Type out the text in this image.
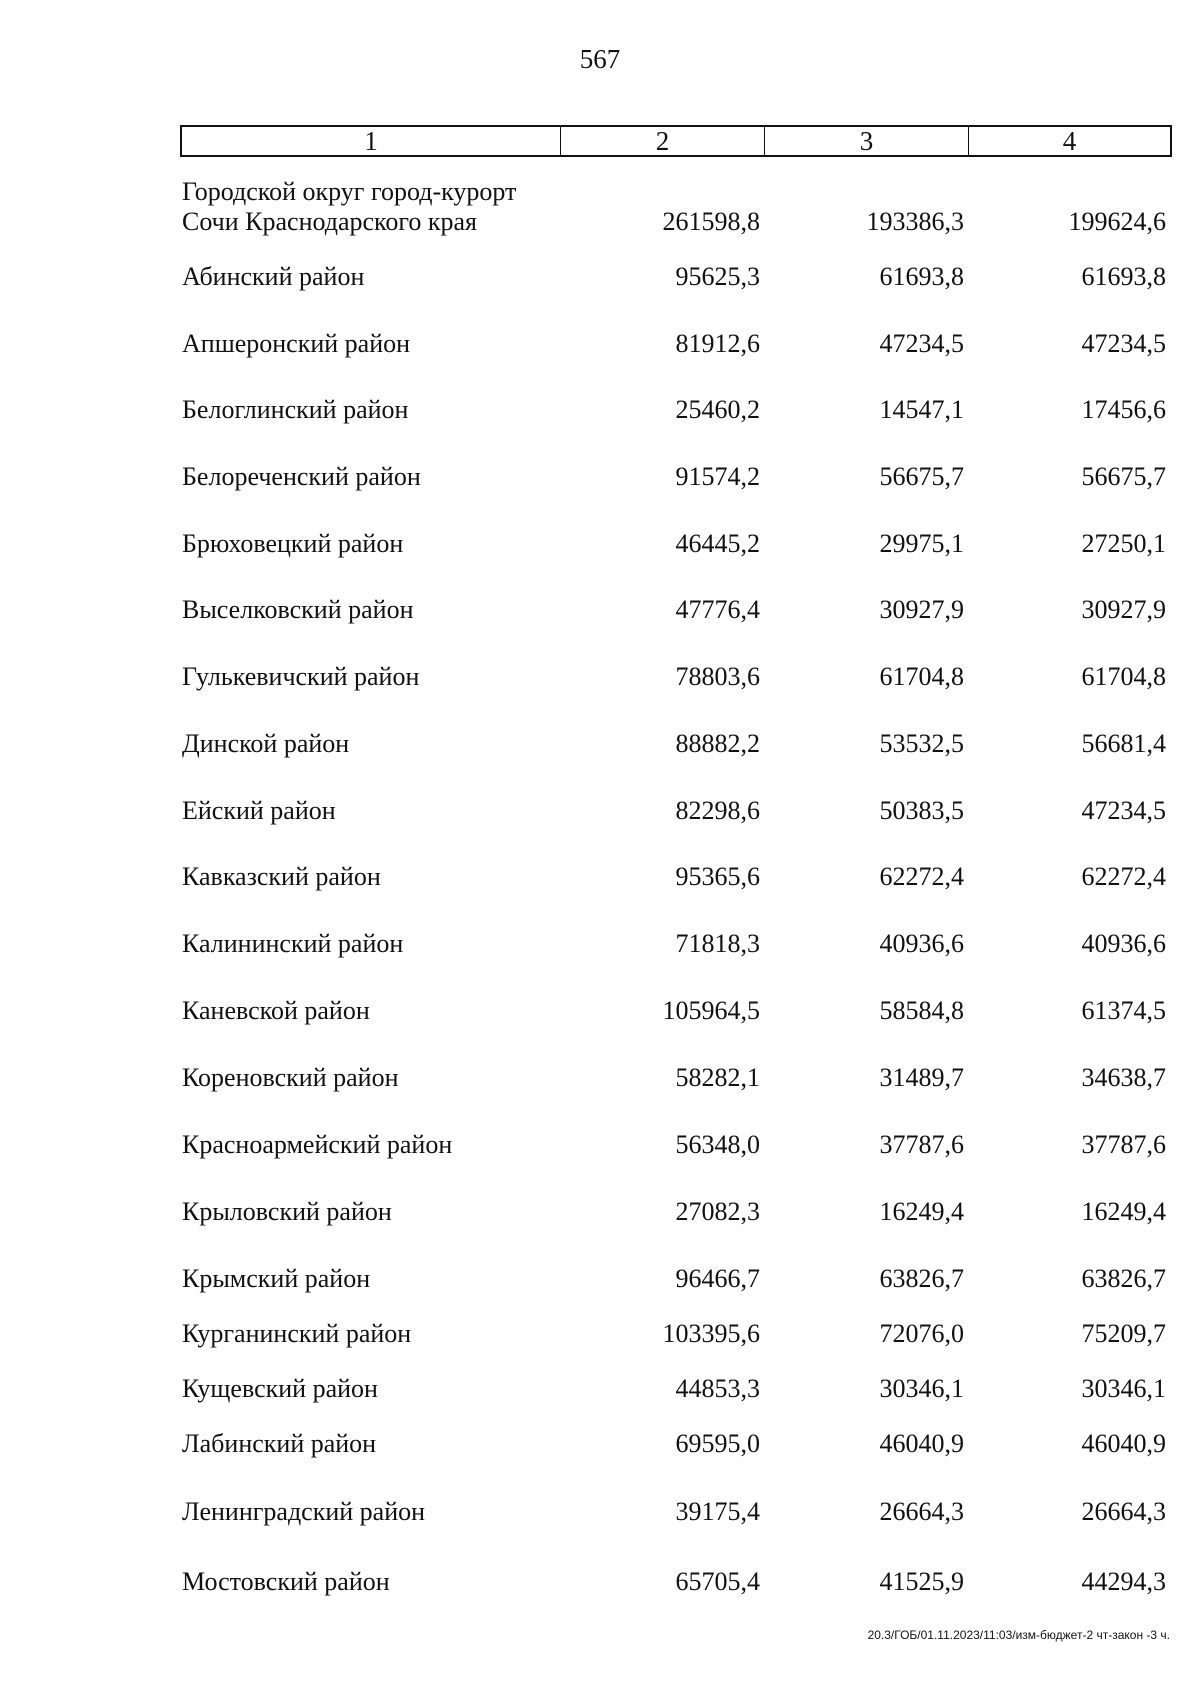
567
1	2	3	4
Городской округ город-курорт Сочи Краснодарского края	261598,8	193386,3	199624,6
Абинский район	95625,3	61693,8	61693,8
Апшеронский район	81912,6	47234,5	47234,5
Белоглинский район	25460,2	14547,1	17456,6
Белореченский район	91574,2	56675,7	56675,7
Брюховецкий район	46445,2	29975,1	27250,1
Выселковский район	47776,4	30927,9	30927,9
Гулькевичский район	78803,6	61704,8	61704,8
Динской район	88882,2	53532,5	56681,4
Ейский район	82298,6	50383,5	47234,5
Кавказский район	95365,6	62272,4	62272,4
Калининский район	71818,3	40936,6	40936,6
Каневской район	105964,5	58584,8	61374,5
Кореновский район	58282,1	31489,7	34638,7
Красноармейский район	56348,0	37787,6	37787,6
Крыловский район	27082,3	16249,4	16249,4
Крымский район	96466,7	63826,7	63826,7
Курганинский район	103395,6	72076,0	75209,7
Кущевский район	44853,3	30346,1	30346,1
Лабинский район	69595,0	46040,9	46040,9
Ленинградский район	39175,4	26664,3	26664,3
Мостовский район	65705,4	41525,9	44294,3
20.3/ГОБ/01.11.2023/11:03/изм-бюджет-2 чт-закон -3 ч.
